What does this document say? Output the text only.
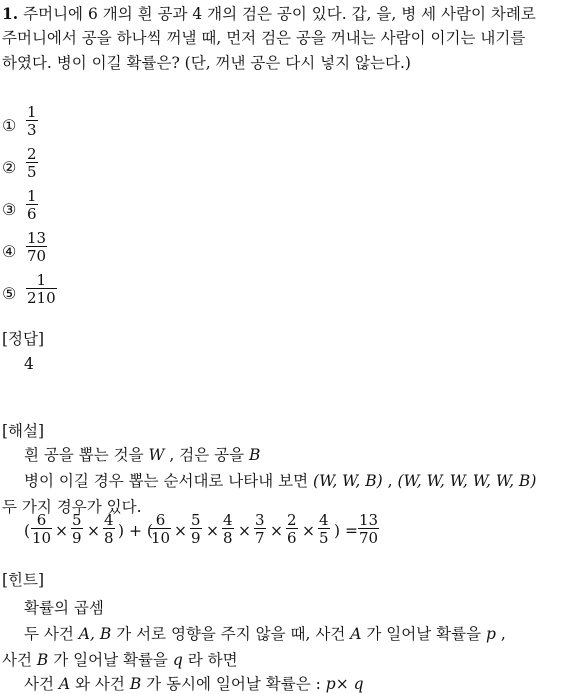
1. 주머니에 6 개의 흰 공과 4 개의 검은 공이 있다. 갑, 을, 병 세 사람이 차례로
주머니에서 공을 하나씩 꺼낼 때, 먼저 검은 공을 꺼내는 사람이 이기는 내기를
하였다. 병이 이길 확률은? (단, 꺼낸 공은 다시 넣지 않는다.)
① $\frac{1}{3}$
② $\frac{2}{5}$
③ $\frac{1}{6}$
④ $\frac{13}{70}$
⑤ $\frac{1}{210}$
[정답]
4
[해설]
흰 공을 뽑는 것을 W , 검은 공을 B
병이 이길 경우 뽑는 순서대로 나타내 보면 (W, W, B) , (W, W, W, W, W, B)
두 가지 경우가 있다.
( $\frac{6}{10} \times \frac{5}{9} \times \frac{4}{8}$ ) + (
$\frac{6}{10} \times \frac{5}{9} \times \frac{4}{8} \times \frac{3}{7} \times \frac{2}{6} \times \frac{4}{5}$ ) = $\frac{13}{70}$
[힌트]
확률의 곱셈
두 사건 A, B 가 서로 영향을 주지 않을 때, 사건 A 가 일어날 확률을 p ,
사건 B 가 일어날 확률을 q 라 하면
사건 A 와 사건 B 가 동시에 일어날 확률은 : p× q
